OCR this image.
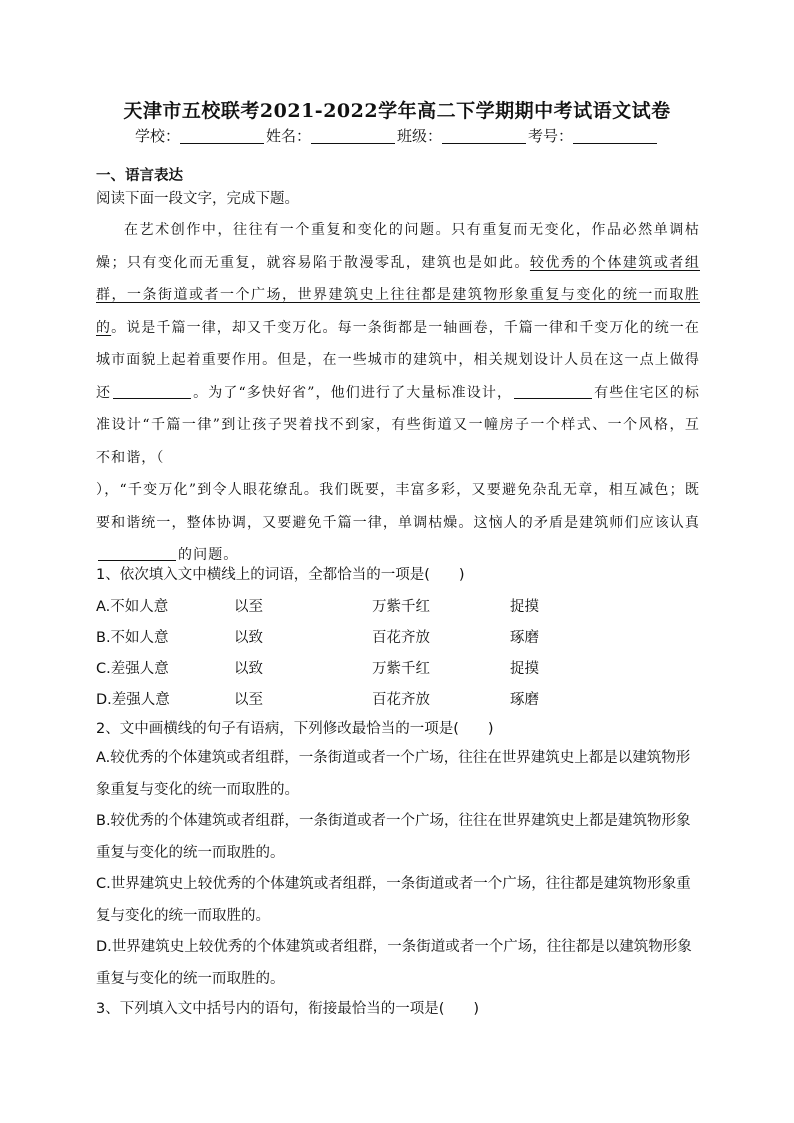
天津市五校联考2021-2022学年高二下学期期中考试语文试卷
学校：	姓名：	班级：	考号：
一、语言表达
阅读下面一段文字，完成下题。

在艺术创作中，往往有一个重复和变化的问题。只有重复而无变化，作品必然单调枯燥；只有变化而无重复，就容易陷于散漫零乱，建筑也是如此。较优秀的个体建筑或者组群，一条街道或者一个广场，世界建筑史上往往都是建筑物形象重复与变化的统一而取胜的。说是千篇一律，却又千变万化。每一条街都是一轴画卷，千篇一律和千变万化的统一在城市面貌上起着重要作用。但是，在一些城市的建筑中，相关规划设计人员在这一点上做得还	。为了“多快好省”，他们进行了大量标准设计，	有些住宅区的标准设计“千篇一律”到让孩子哭着找不到家，有些街道又一幢房子一个样式、一个风格，互不和谐，（
），“千变万化”到令人眼花缭乱。我们既要，丰富多彩，又要避免杂乱无章，相互减色；既要和谐统一，整体协调，又要避免千篇一律，单调枯燥。这恼人的矛盾是建筑师们应该认真的问题。

1、依次填入文中横线上的词语，全都恰当的一项是(　　)
A.不如人意	以至	万紫千红	捉摸
B.不如人意	以致	百花齐放	琢磨
C.差强人意	以致	万紫千红	捉摸
D.差强人意	以至	百花齐放	琢磨
2、文中画横线的句子有语病，下列修改最恰当的一项是(　　)
A.较优秀的个体建筑或者组群，一条街道或者一个广场，往往在世界建筑史上都是以建筑物形象重复与变化的统一而取胜的。
B.较优秀的个体建筑或者组群，一条街道或者一个广场，往往在世界建筑史上都是建筑物形象重复与变化的统一而取胜的。
C.世界建筑史上较优秀的个体建筑或者组群，一条街道或者一个广场，往往都是建筑物形象重复与变化的统一而取胜的。
D.世界建筑史上较优秀的个体建筑或者组群，一条街道或者一个广场，往往都是以建筑物形象重复与变化的统一而取胜的。
3、下列填入文中括号内的语句，衔接最恰当的一项是(　　)
